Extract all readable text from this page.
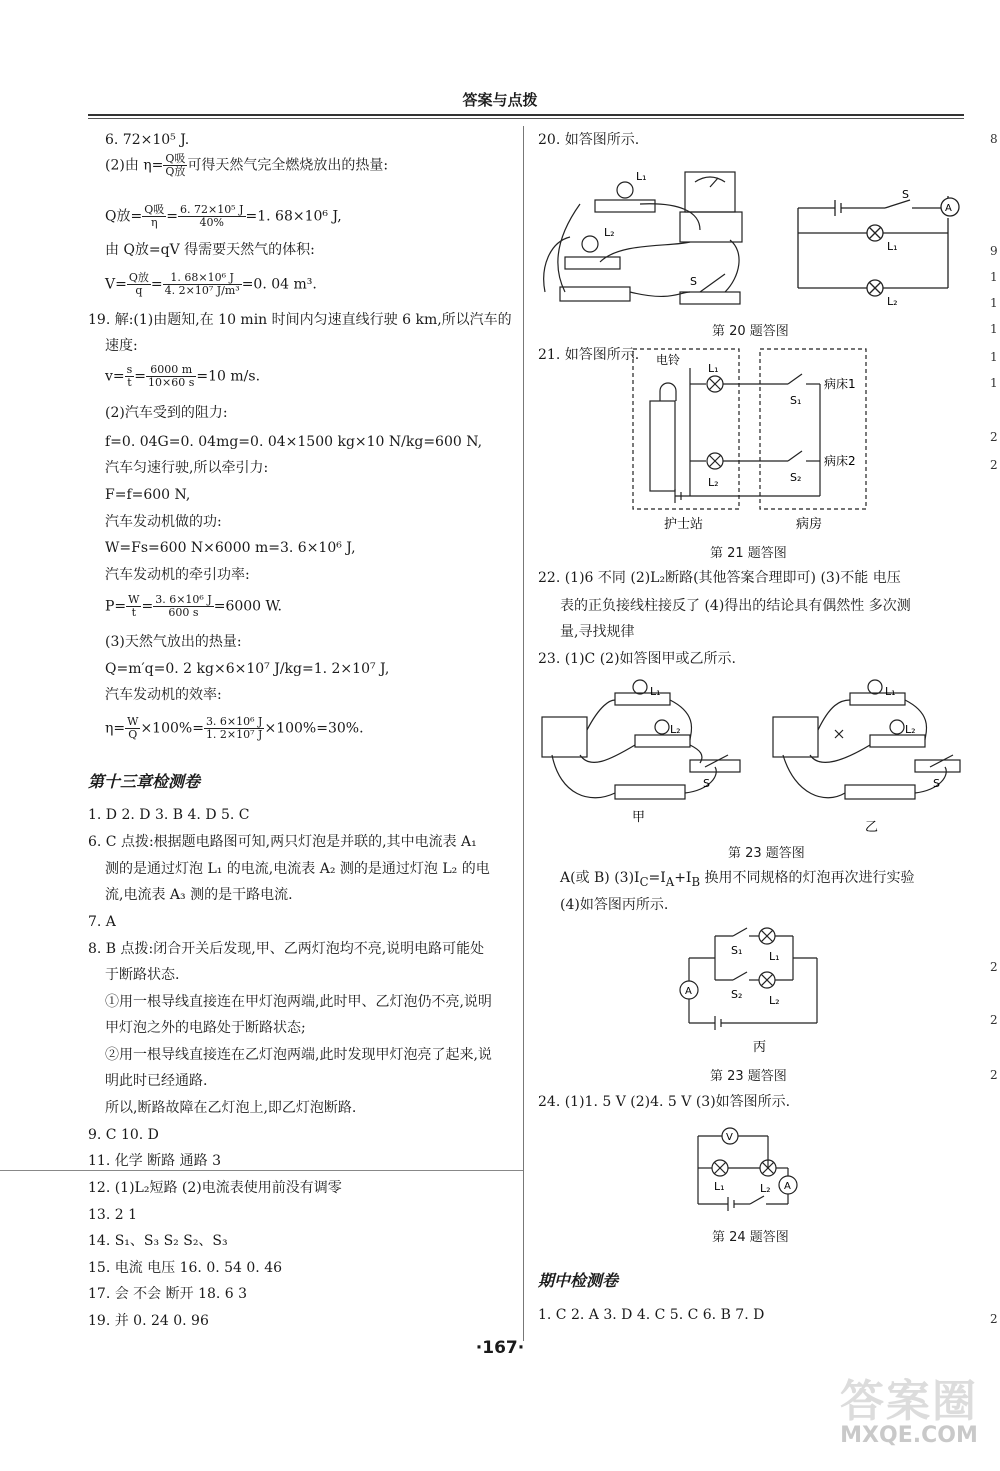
答案与点拨
6. 72×10⁵ J.
(2)由 $\eta= \frac{\text{Q吸}}{\text{Q放}}$ 可得天然气完全燃烧放出的热量:
Q放= $\frac{\text{Q吸}}{\eta} = \frac{\text{6. 72×10⁵ J}}{40\%} =1$. 68×10⁶ J,
由 Q放=qV 得需要天然气的体积:
$V= \frac{\text{Q放}}{q} = \frac{\text{1. 68×10⁶ J}}{\text{4. 2×10⁷ J/m³}} =0$. 04 m³.
19. 解:(1)由题知,在 10 min 时间内匀速直线行驶 6 km,所以汽车的
速度:
$v= \frac{s}{t} = \frac{6000 m}{10\times 60 s} =10$ m/s.
(2)汽车受到的阻力:
f=0. 04G=0. 04mg=0. 04×1500 kg×10 N/kg=600 N,
汽车匀速行驶,所以牵引力:
F=f=600 N,
汽车发动机做的功:
W=Fs=600 N×6000 m=3. 6×10⁶ J,
汽车发动机的牵引功率:
$P= \frac{W}{t} = \frac{\text{3. 6×10⁶ J}}{600 s} =6000$ W.
(3)天然气放出的热量:
Q=m′q=0. 2 kg×6×10⁷ J/kg=1. 2×10⁷ J,
汽车发动机的效率:
$\eta= \frac{W}{Q} \times 100\%= \frac{\text{3. 6×10⁶ J}}{\text{1. 2×10⁷ J}} \times 100\%=30\%$.
第十三章检测卷
1. D 2. D 3. B 4. D 5. C
6. C 点拨:根据题电路图可知,两只灯泡是并联的,其中电流表 A₁
测的是通过灯泡 L₁ 的电流,电流表 A₂ 测的是通过灯泡 L₂ 的电
流,电流表 A₃ 测的是干路电流.
7. A
8. B 点拨:闭合开关后发现,甲、乙两灯泡均不亮,说明电路可能处
于断路状态.
①用一根导线直接连在甲灯泡两端,此时甲、乙灯泡仍不亮,说明
甲灯泡之外的电路处于断路状态;
②用一根导线直接连在乙灯泡两端,此时发现甲灯泡亮了起来,说
明此时已经通路.
所以,断路故障在乙灯泡上,即乙灯泡断路.
9. C 10. D
11. 化学 断路 通路 3
12. (1)L₂短路 (2)电流表使用前没有调零
13. 2 1
14. S₁、S₃ S₂ S₂、S₃
15. 电流 电压 16. 0. 54 0. 46
17. 会 不会 断开 18. 6 3
19. 并 0. 24 0. 96
20. 如答图所示.
L₁
L₂
S
S
A
L₁
L₂
第 20 题答图
21. 如答图所示. 电铃
L₁
L₂
S₁
S₂
病床1
病床2
护士站	病房
第 21 题答图
22. (1)6 不同 (2)L₂断路(其他答案合理即可) (3)不能 电压
表的正负接线柱接反了 (4)得出的结论具有偶然性 多次测
量,寻找规律
23. (1)C (2)如答图甲或乙所示.
L₁
L₂
S
甲
L₁
L₂
S
乙
第 23 题答图
A(或 B) $(3)I_C=I_A+I_B$ 换用不同规格的灯泡再次进行实验
(4)如答图丙所示.
A
S₁ L₁
S₂ L₂
丙
第 23 题答图
24. (1)1. 5 V (2)4. 5 V (3)如答图所示.
V
A
L₁	L₂
第 24 题答图
期中检测卷
1. C 2. A 3. D 4. C 5. C 6. B 7. D
·167·
8
9
1
1
1
1
1
2
2
2
2
2
2
答案圈
MXQE.COM
